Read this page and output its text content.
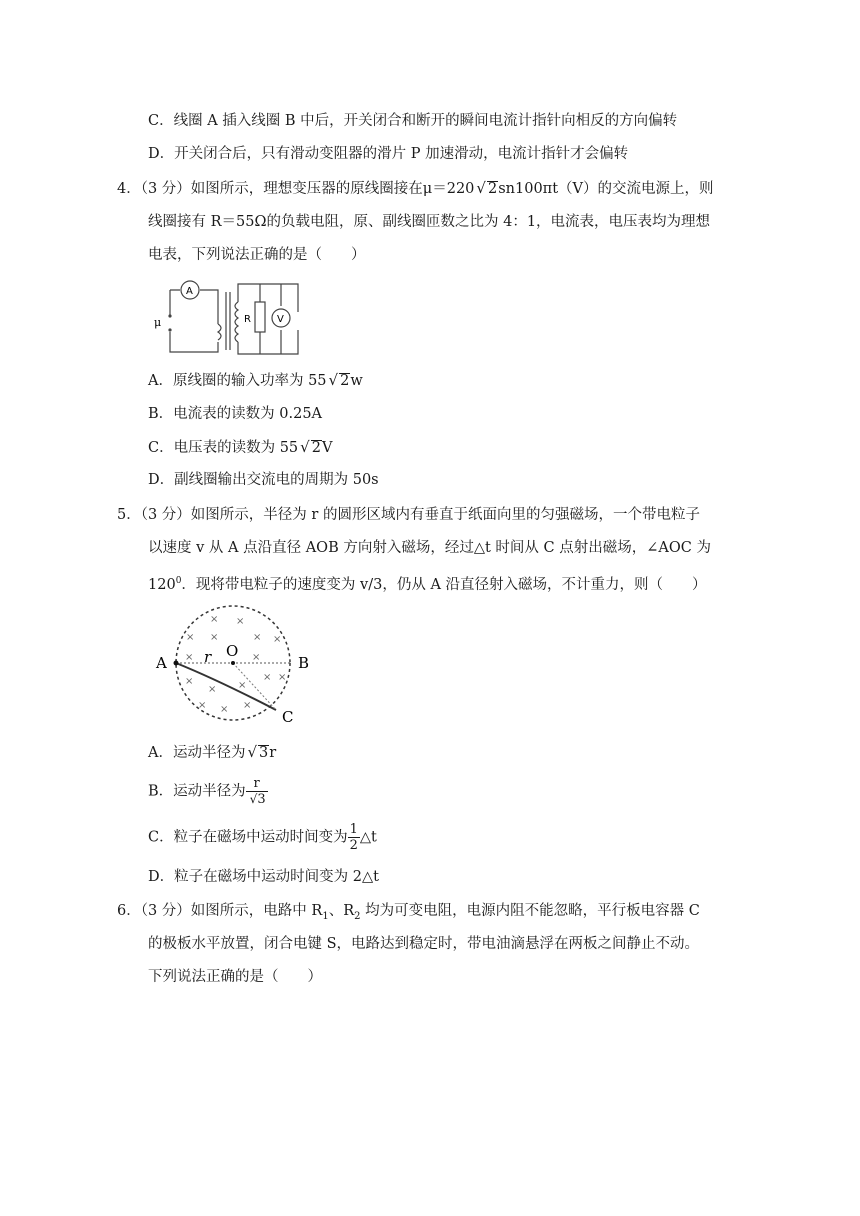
C．线圈 A 插入线圈 B 中后，开关闭合和断开的瞬间电流计指针向相反的方向偏转
D．开关闭合后，只有滑动变阻器的滑片 P 加速滑动，电流计指针才会偏转
4．（3 分）如图所示，理想变压器的原线圈接在μ＝220 √ 2sn100πt（V）的交流电源上，则
线圈接有 R＝55Ω的负载电阻，原、副线圈匝数之比为 4：1，电流表，电压表均为理想
电表，下列说法正确的是（　　）
A
V
R
μ
A．原线圈的输入功率为 55 √ 2w
B．电流表的读数为 0.25A
C．电压表的读数为 55 √ 2V
D．副线圈输出交流电的周期为 50s
5．（3 分）如图所示，半径为 r 的圆形区域内有垂直于纸面向里的匀强磁场，一个带电粒子
以速度 v 从 A 点沿直径 AOB 方向射入磁场，经过△t 时间从 C 点射出磁场，∠AOC 为
$120^0$．现将带电粒子的速度变为 v/3，仍从 A 沿直径射入磁场，不计重力，则（　　）
× ×	× ×
×	×
×
× ×
× ×
× × ×
×
×
A	B
C
O
r
A．运动半径为 √ 3r
B．运动半径为 $\frac{r}{√3}$
C．粒子在磁场中运动时间变为 $\frac{1}{2}$ △t
D．粒子在磁场中运动时间变为 2△t
6．（3 分）如图所示，电路中 $R_1$、$R_2$ 均为可变电阻，电源内阻不能忽略，平行板电容器 C
的极板水平放置，闭合电键 S，电路达到稳定时，带电油滴悬浮在两板之间静止不动。
下列说法正确的是（　　）
